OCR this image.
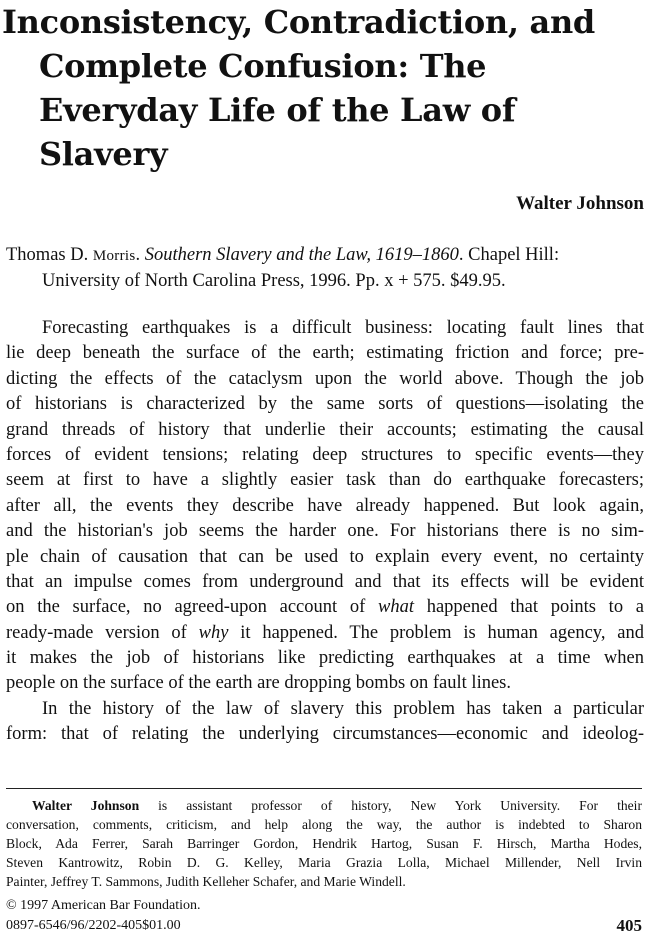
Inconsistency, Contradiction, and
Complete Confusion: The
Everyday Life of the Law of
Slavery

Walter Johnson

Thomas D. Morris. Southern Slavery and the Law, 1619–1860. Chapel Hill:
University of North Carolina Press, 1996. Pp. x + 575. $49.95.

Forecasting earthquakes is a difficult business: locating fault lines that
lie deep beneath the surface of the earth; estimating friction and force; pre-
dicting the effects of the cataclysm upon the world above. Though the job
of historians is characterized by the same sorts of questions—isolating the
grand threads of history that underlie their accounts; estimating the causal
forces of evident tensions; relating deep structures to specific events—they
seem at first to have a slightly easier task than do earthquake forecasters;
after all, the events they describe have already happened. But look again,
and the historian's job seems the harder one. For historians there is no sim-
ple chain of causation that can be used to explain every event, no certainty
that an impulse comes from underground and that its effects will be evident
on the surface, no agreed-upon account of what happened that points to a
ready-made version of why it happened. The problem is human agency, and
it makes the job of historians like predicting earthquakes at a time when
people on the surface of the earth are dropping bombs on fault lines.
In the history of the law of slavery this problem has taken a particular
form: that of relating the underlying circumstances—economic and ideolog-
Walter Johnson is assistant professor of history, New York University. For their
conversation, comments, criticism, and help along the way, the author is indebted to Sharon
Block, Ada Ferrer, Sarah Barringer Gordon, Hendrik Hartog, Susan F. Hirsch, Martha Hodes,
Steven Kantrowitz, Robin D. G. Kelley, Maria Grazia Lolla, Michael Millender, Nell Irvin
Painter, Jeffrey T. Sammons, Judith Kelleher Schafer, and Marie Windell.
© 1997 American Bar Foundation.
0897-6546/96/2202-405$01.00	405
